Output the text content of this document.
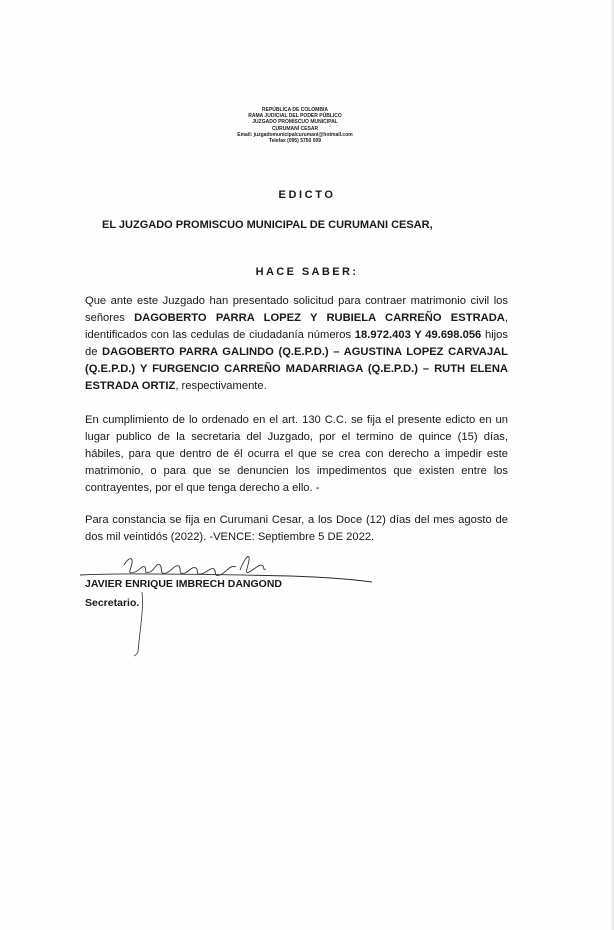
REPÚBLICA DE COLOMBIA
RAMA JUDICIAL DEL PODER PÚBLICO
JUZGADO PROMISCUO MUNICIPAL
CURUMANÍ CESAR
Email: juzgadomunicipalcurumani@hotmail.com
Telefax (095) 5750 009
EDICTO
EL JUZGADO PROMISCUO MUNICIPAL DE CURUMANI CESAR,
HACE SABER:
Que ante este Juzgado han presentado solicitud para contraer matrimonio civil los señores DAGOBERTO PARRA LOPEZ Y RUBIELA CARREÑO ESTRADA, identificados con las cedulas de ciudadanía números 18.972.403 Y 49.698.056 hijos de DAGOBERTO PARRA GALINDO (Q.E.P.D.) – AGUSTINA LOPEZ CARVAJAL (Q.E.P.D.) Y FURGENCIO CARREÑO MADARRIAGA (Q.E.P.D.) – RUTH ELENA ESTRADA ORTIZ, respectivamente.
En cumplimiento de lo ordenado en el art. 130 C.C. se fija el presente edicto en un lugar publico de la secretaria del Juzgado, por el termino de quince (15) días, hábiles, para que dentro de él ocurra el que se crea con derecho a impedir este matrimonio, o para que se denuncien los impedimentos que existen entre los contrayentes, por el que tenga derecho a ello. -
Para constancia se fija en Curumani Cesar, a los Doce (12) días del mes agosto de dos mil veintidós (2022). -VENCE: Septiembre 5 DE 2022.
JAVIER ENRIQUE IMBRECH DANGOND
Secretario.
